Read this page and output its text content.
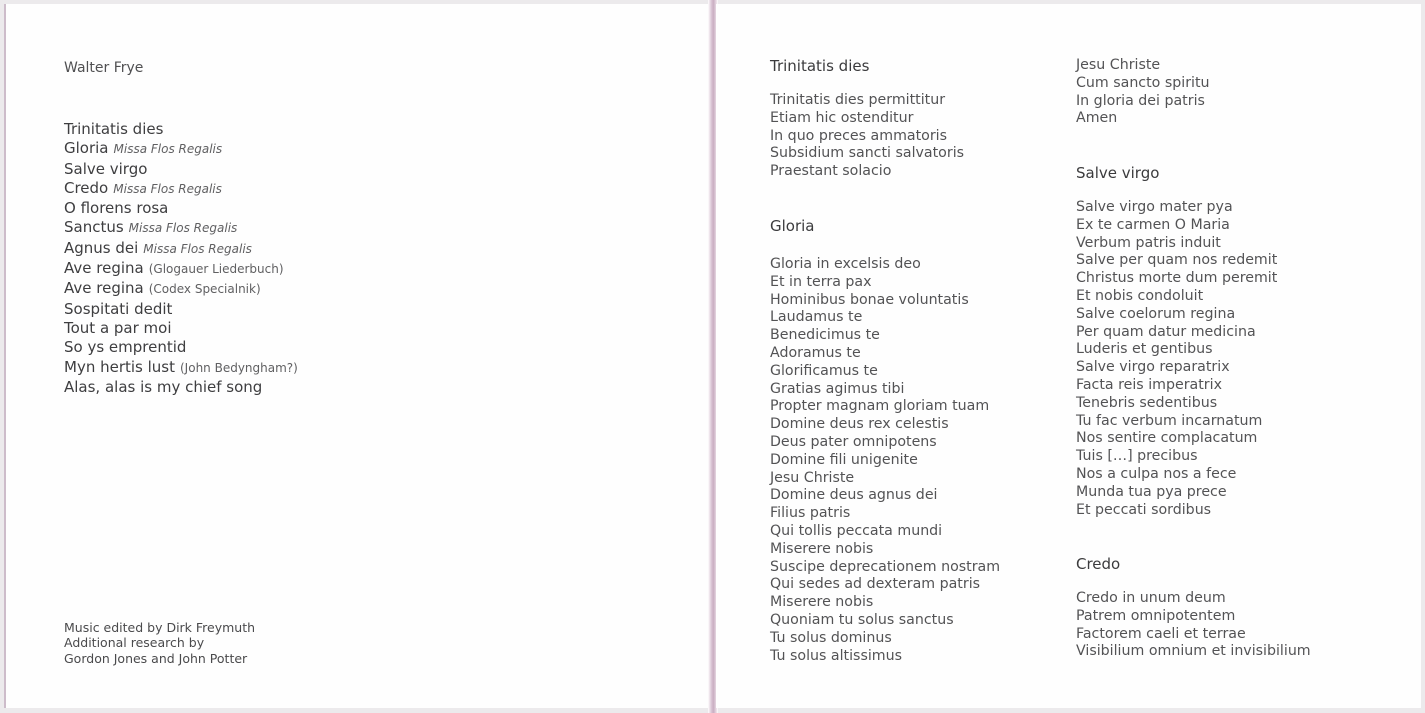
Walter Frye
Trinitatis dies
Gloria Missa Flos Regalis
Salve virgo
Credo Missa Flos Regalis
O florens rosa
Sanctus Missa Flos Regalis
Agnus dei Missa Flos Regalis
Ave regina (Glogauer Liederbuch)
Ave regina (Codex Specialnik)
Sospitati dedit
Tout a par moi
So ys emprentid
Myn hertis lust (John Bedyngham?)
Alas, alas is my chief song
Music edited by Dirk Freymuth
Additional research by
Gordon Jones and John Potter
Trinitatis dies
Trinitatis dies permittitur
Etiam hic ostenditur
In quo preces ammatoris
Subsidium sancti salvatoris
Praestant solacio
Gloria
Gloria in excelsis deo
Et in terra pax
Hominibus bonae voluntatis
Laudamus te
Benedicimus te
Adoramus te
Glorificamus te
Gratias agimus tibi
Propter magnam gloriam tuam
Domine deus rex celestis
Deus pater omnipotens
Domine fili unigenite
Jesu Christe
Domine deus agnus dei
Filius patris
Qui tollis peccata mundi
Miserere nobis
Suscipe deprecationem nostram
Qui sedes ad dexteram patris
Miserere nobis
Quoniam tu solus sanctus
Tu solus dominus
Tu solus altissimus
Jesu Christe
Cum sancto spiritu
In gloria dei patris
Amen
Salve virgo
Salve virgo mater pya
Ex te carmen O Maria
Verbum patris induit
Salve per quam nos redemit
Christus morte dum peremit
Et nobis condoluit
Salve coelorum regina
Per quam datur medicina
Luderis et gentibus
Salve virgo reparatrix
Facta reis imperatrix
Tenebris sedentibus
Tu fac verbum incarnatum
Nos sentire complacatum
Tuis […] precibus
Nos a culpa nos a fece
Munda tua pya prece
Et peccati sordibus
Credo
Credo in unum deum
Patrem omnipotentem
Factorem caeli et terrae
Visibilium omnium et invisibilium
